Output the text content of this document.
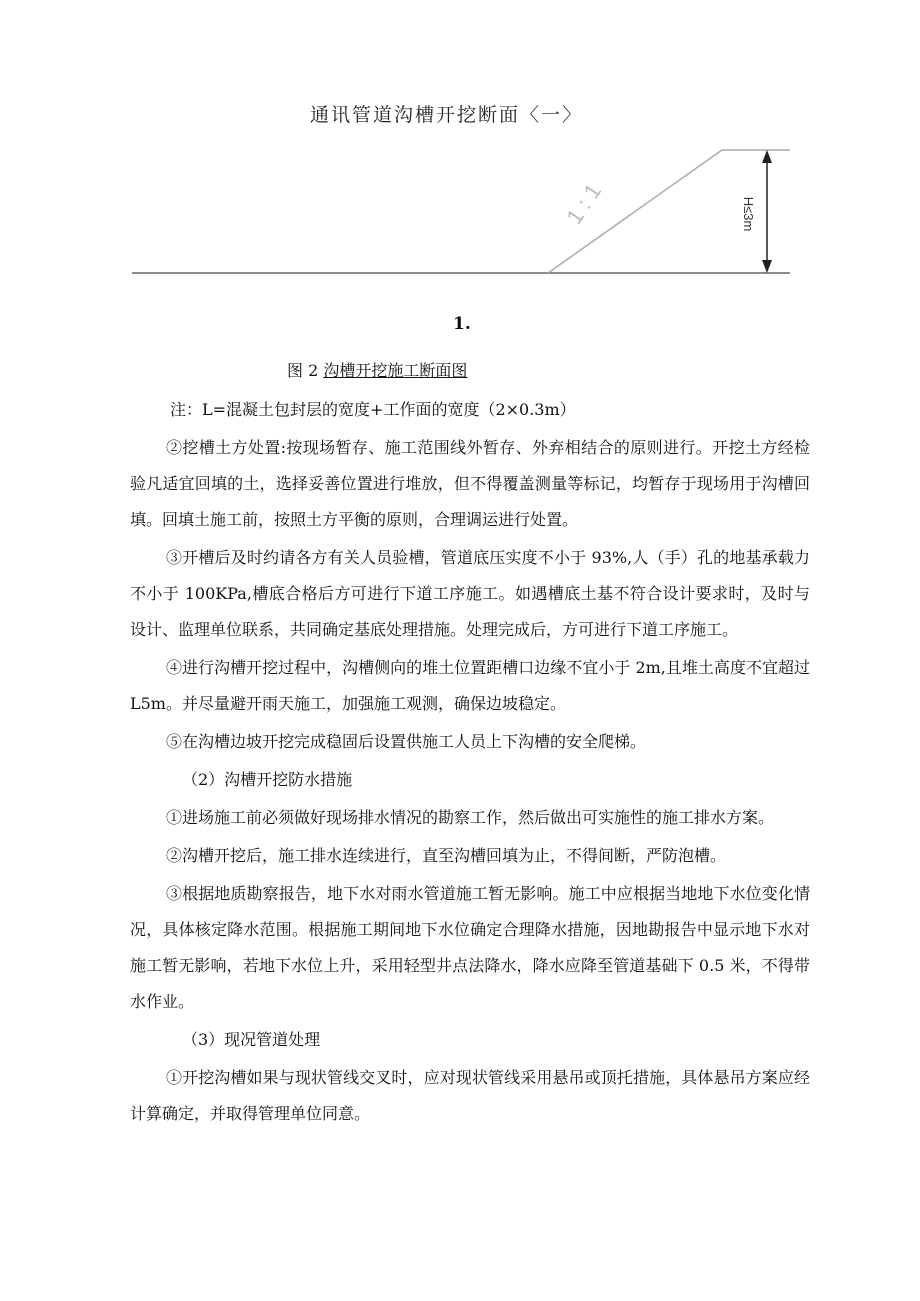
通讯管道沟槽开挖断面〈一〉
1 : 1	H≤3m
1.
图 2 沟槽开挖施工断面图
注：L=混凝土包封层的宽度+工作面的宽度（2×0.3m）

②挖槽土方处置:按现场暂存、施工范围线外暂存、外弃相结合的原则进行。开挖土方经检验凡适宜回填的土，选择妥善位置进行堆放，但不得覆盖测量等标记，均暂存于现场用于沟槽回填。回填土施工前，按照土方平衡的原则，合理调运进行处置。

③开槽后及时约请各方有关人员验槽，管道底压实度不小于 93%,人（手）孔的地基承载力不小于 100KPa,槽底合格后方可进行下道工序施工。如遇槽底土基不符合设计要求时，及时与设计、监理单位联系，共同确定基底处理措施。处理完成后，方可进行下道工序施工。

④进行沟槽开挖过程中，沟槽侧向的堆土位置距槽口边缘不宜小于 2m,且堆土高度不宜超过 L5m。并尽量避开雨天施工，加强施工观测，确保边坡稳定。

⑤在沟槽边坡开挖完成稳固后设置供施工人员上下沟槽的安全爬梯。

（2）沟槽开挖防水措施

①进场施工前必须做好现场排水情况的勘察工作，然后做出可实施性的施工排水方案。

②沟槽开挖后，施工排水连续进行，直至沟槽回填为止，不得间断，严防泡槽。

③根据地质勘察报告，地下水对雨水管道施工暂无影响。施工中应根据当地地下水位变化情况，具体核定降水范围。根据施工期间地下水位确定合理降水措施，因地勘报告中显示地下水对施工暂无影响，若地下水位上升，采用轻型井点法降水，降水应降至管道基础下 0.5 米，不得带水作业。

（3）现况管道处理

①开挖沟槽如果与现状管线交叉时，应对现状管线采用悬吊或顶托措施，具体悬吊方案应经计算确定，并取得管理单位同意。
